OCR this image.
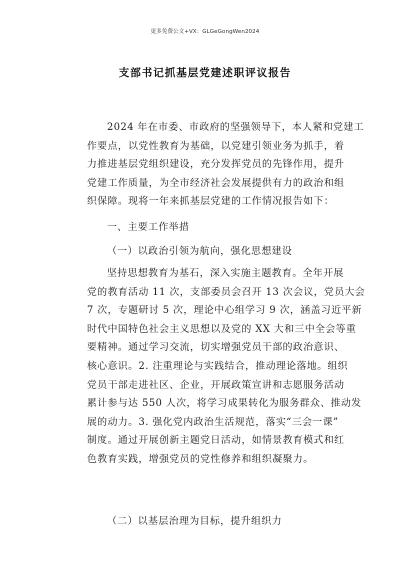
更多免费公文+VX：GLGeGongWen2024
支部书记抓基层党建述职评议报告
2024 年在市委、市政府的坚强领导下，本人紧和党建工
作要点，以党性教育为基础，以党建引领业务为抓手，着
力推进基层党组织建设，充分发挥党员的先锋作用，提升
党建工作质量，为全市经济社会发展提供有力的政治和组
织保障。现将一年来抓基层党建的工作情况报告如下：
一、主要工作举措
（一）以政治引领为航向，强化思想建设
坚持思想教育为基石，深入实施主题教育。全年开展
党的教育活动 11 次，支部委员会召开 13 次会议，党员大会
7 次，专题研讨 5 次，理论中心组学习 9 次，涵盖习近平新
时代中国特色社会主义思想以及党的 XX 大和三中全会等重
要精神。通过学习交流，切实增强党员干部的政治意识、
核心意识。2. 注重理论与实践结合，推动理论落地。组织
党员干部走进社区、企业，开展政策宣讲和志愿服务活动
累计参与达 550 人次，将学习成果转化为服务群众、推动发
展的动力。3. 强化党内政治生活规范，落实“三会一课”
制度。通过开展创新主题党日活动，如情景教育模式和红
色教育实践，增强党员的党性修养和组织凝聚力。
（二）以基层治理为目标，提升组织力
